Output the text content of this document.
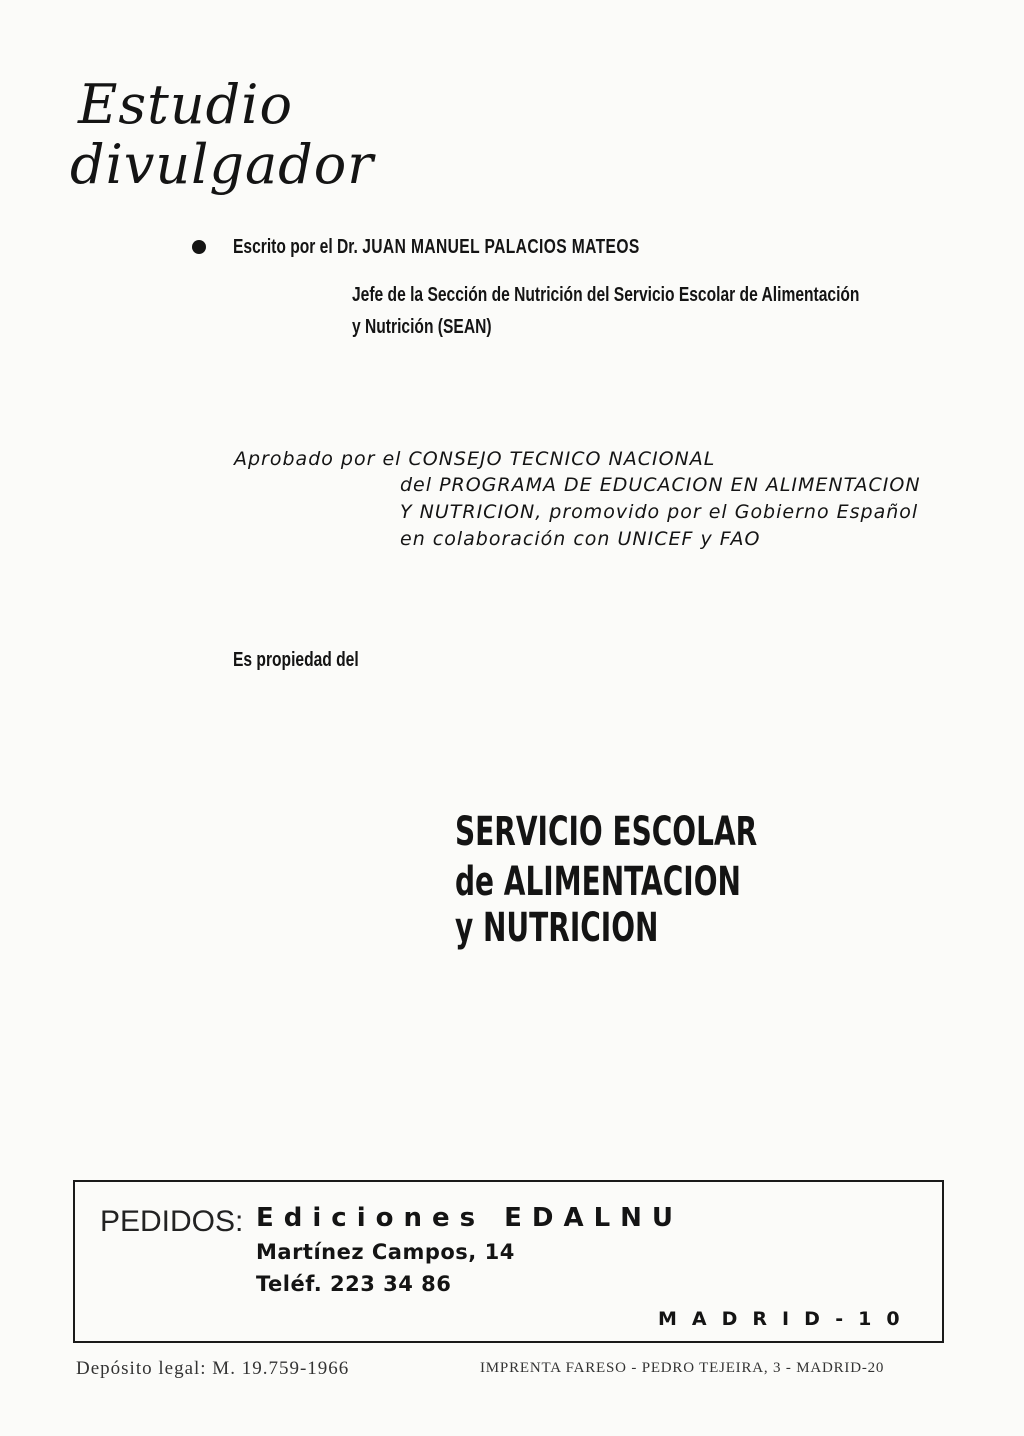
Estudio
divulgador
Escrito por el Dr. JUAN MANUEL PALACIOS MATEOS
Jefe de la Sección de Nutrición del Servicio Escolar de Alimentación
y Nutrición (SEAN)
Aprobado por el CONSEJO TECNICO NACIONAL
del PROGRAMA DE EDUCACION EN ALIMENTACION
Y NUTRICION, promovido por el Gobierno Español
en colaboración con UNICEF y FAO
Es propiedad del
SERVICIO ESCOLAR
de ALIMENTACION
y NUTRICION
PEDIDOS: Ediciones EDALNU
Martínez Campos, 14
Teléf. 223 34 86
MADRID-10
Depósito legal: M. 19.759-1966	IMPRENTA FARESO - PEDRO TEJEIRA, 3 - MADRID-20
